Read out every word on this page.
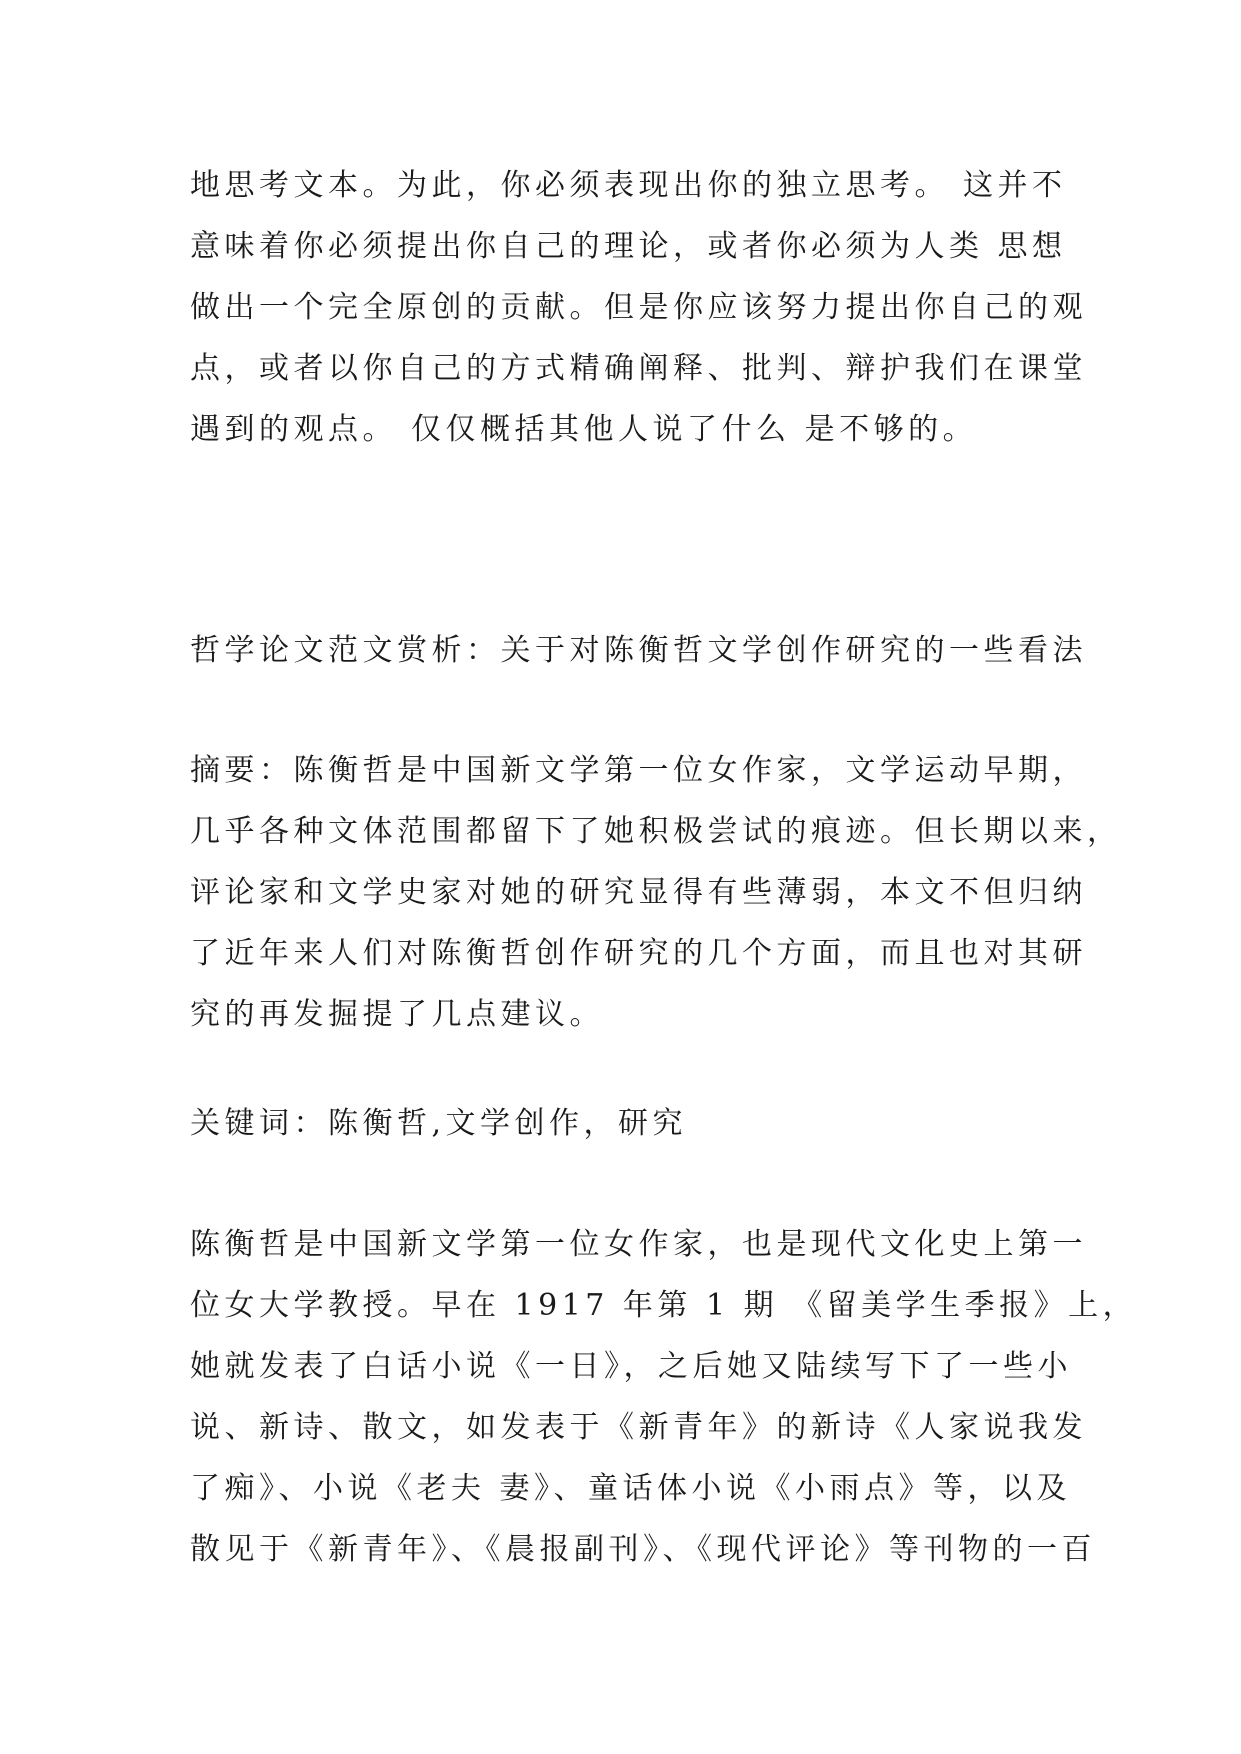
地思考文本。为此，你必须表现出你的独立思考。 这并不
意味着你必须提出你自己的理论，或者你必须为人类 思想
做出一个完全原创的贡献。但是你应该努力提出你自己的观
点，或者以你自己的方式精确阐释、批判、辩护我们在课堂
遇到的观点。 仅仅概括其他人说了什么 是不够的。
哲学论文范文赏析：关于对陈衡哲文学创作研究的一些看法
摘要：陈衡哲是中国新文学第一位女作家，文学运动早期，
几乎各种文体范围都留下了她积极尝试的痕迹。但长期以来，
评论家和文学史家对她的研究显得有些薄弱，本文不但归纳
了近年来人们对陈衡哲创作研究的几个方面，而且也对其研
究的再发掘提了几点建议。
关键词：陈衡哲,文学创作，研究
陈衡哲是中国新文学第一位女作家，也是现代文化史上第一
位女大学教授。早在 1917 年第 1 期 《留美学生季报》上，
她就发表了白话小说《一日》，之后她又陆续写下了一些小
说、新诗、散文，如发表于《新青年》的新诗《人家说我发
了痴》、小说《老夫 妻》、童话体小说《小雨点》等，以及
散见于《新青年》、《晨报副刊》、《现代评论》等刊物的一百
